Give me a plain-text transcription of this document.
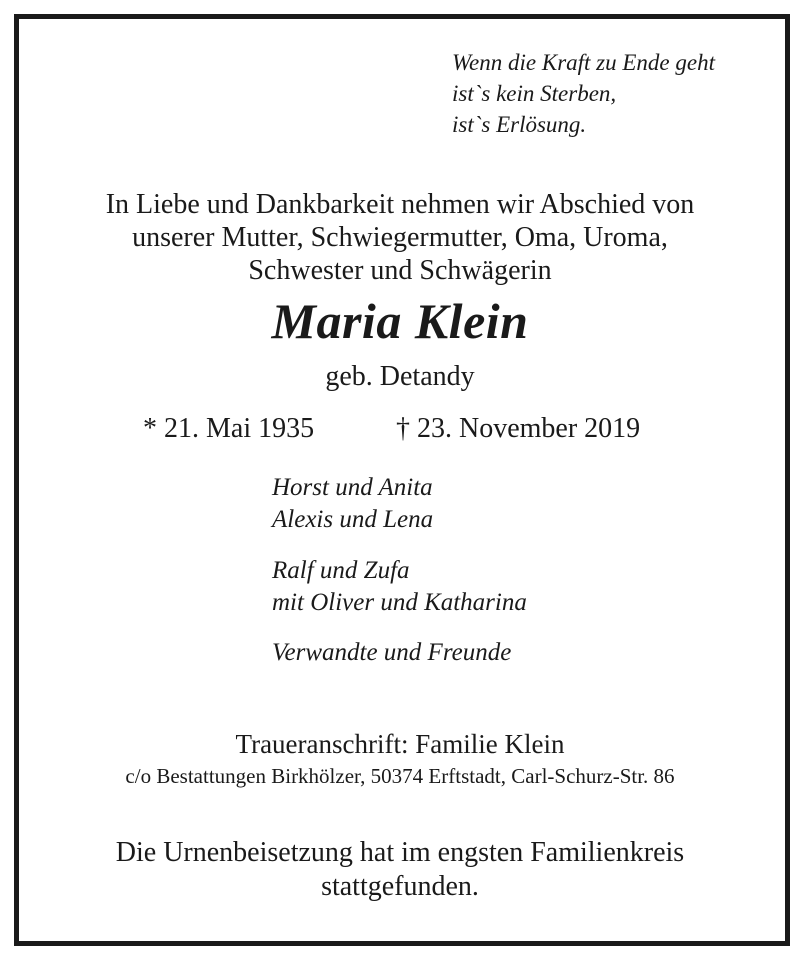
Wenn die Kraft zu Ende geht
ist`s kein Sterben,
ist`s Erlösung.
In Liebe und Dankbarkeit nehmen wir Abschied von
unserer Mutter, Schwiegermutter, Oma, Uroma,
Schwester und Schwägerin
Maria Klein
geb. Detandy
* 21. Mai 1935	† 23. November 2019
Horst und Anita
Alexis und Lena
Ralf und Zufa
mit Oliver und Katharina
Verwandte und Freunde
Traueranschrift: Familie Klein
c/o Bestattungen Birkhölzer, 50374 Erftstadt, Carl-Schurz-Str. 86
Die Urnenbeisetzung hat im engsten Familienkreis
stattgefunden.
